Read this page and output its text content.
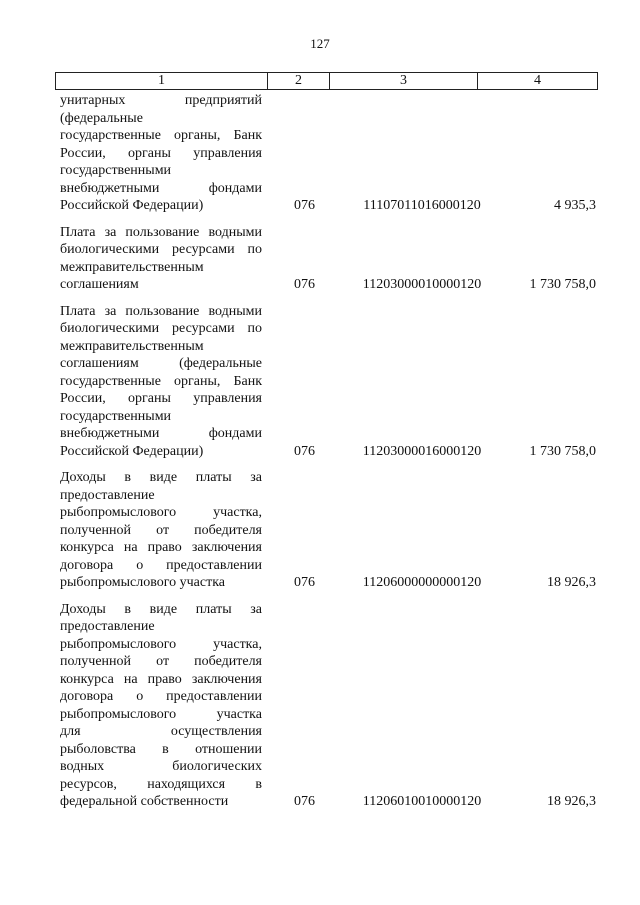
127
1	2	3	4
унитарных предприятий
(федеральные
государственные органы, Банк
России, органы управления
государственными
внебюджетными фондами
Российской Федерации)	076	11107011016000120	4 935,3
Плата за пользование водными
биологическими ресурсами по
межправительственным
соглашениям	076	11203000010000120	1 730 758,0
Плата за пользование водными
биологическими ресурсами по
межправительственным
соглашениям (федеральные
государственные органы, Банк
России, органы управления
государственными
внебюджетными фондами
Российской Федерации)	076	11203000016000120	1 730 758,0
Доходы в виде платы за
предоставление
рыбопромыслового участка,
полученной от победителя
конкурса на право заключения
договора о предоставлении
рыбопромыслового участка	076	11206000000000120	18 926,3
Доходы в виде платы за
предоставление
рыбопромыслового участка,
полученной от победителя
конкурса на право заключения
договора о предоставлении
рыбопромыслового участка
для осуществления
рыболовства в отношении
водных биологических
ресурсов, находящихся в
федеральной собственности	076	11206010010000120	18 926,3
